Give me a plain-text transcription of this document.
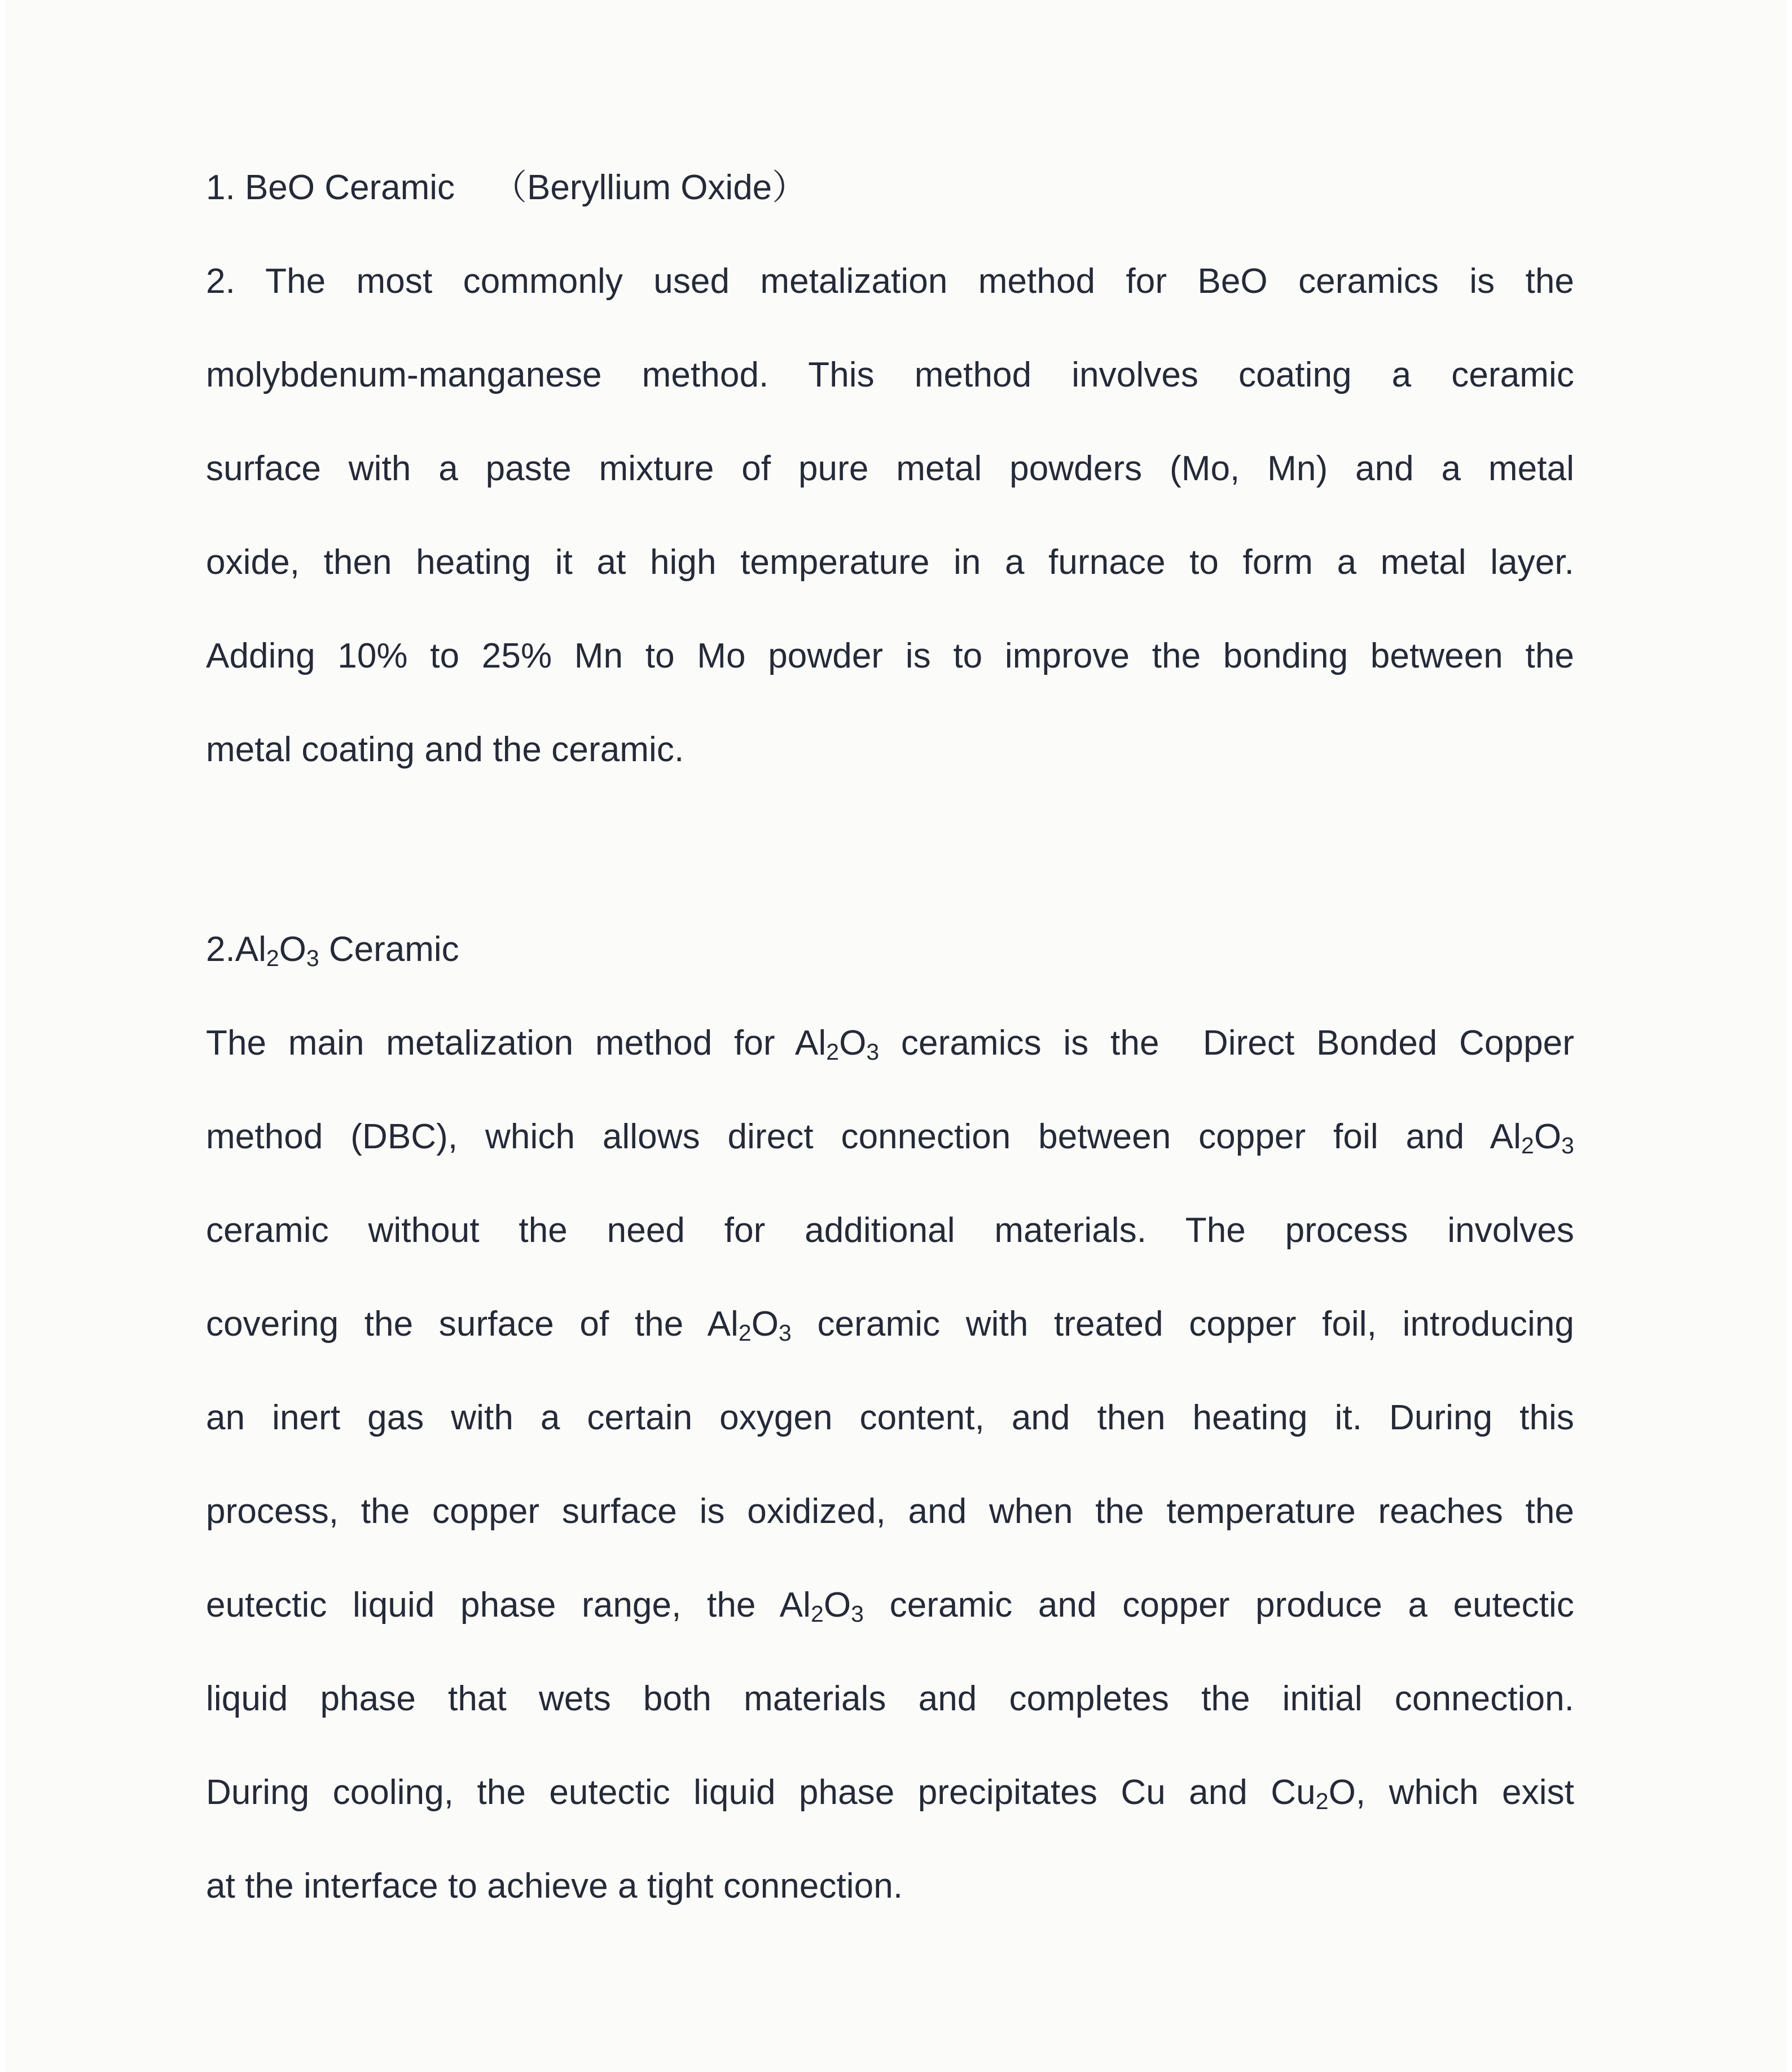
1. BeO Ceramic （Beryllium Oxide）
2. The most commonly used metalization method for BeO ceramics is the
molybdenum-manganese method. This method involves coating a ceramic
surface with a paste mixture of pure metal powders (Mo, Mn) and a metal
oxide, then heating it at high temperature in a furnace to form a metal layer.
Adding 10% to 25% Mn to Mo powder is to improve the bonding between the
metal coating and the ceramic.
$2.Al_2O_3$ Ceramic
The main metalization method for $Al_2O_3$ ceramics is the  Direct Bonded Copper
method (DBC), which allows direct connection between copper foil and $Al_2O_3$
ceramic without the need for additional materials. The process involves
covering the surface of the $Al_2O_3$ ceramic with treated copper foil, introducing
an inert gas with a certain oxygen content, and then heating it. During this
process, the copper surface is oxidized, and when the temperature reaches the
eutectic liquid phase range, the $Al_2O_3$ ceramic and copper produce a eutectic
liquid phase that wets both materials and completes the initial connection.
During cooling, the eutectic liquid phase precipitates Cu and $Cu_2O$, which exist
at the interface to achieve a tight connection.
